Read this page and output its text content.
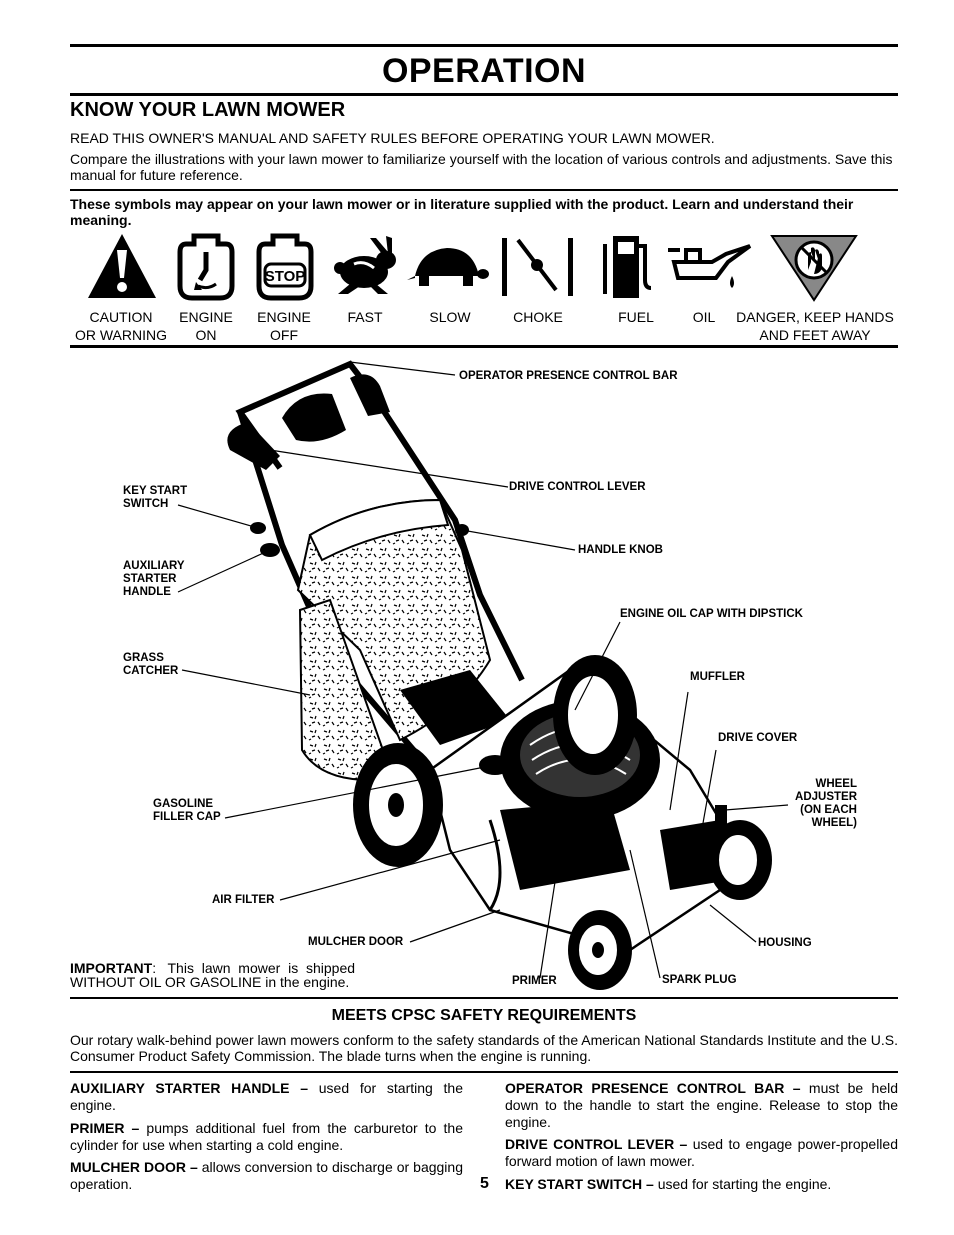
OPERATION
KNOW YOUR LAWN MOWER

READ THIS OWNER'S MANUAL AND SAFETY RULES BEFORE OPERATING YOUR LAWN MOWER.

Compare the illustrations with your lawn mower to familiarize yourself with the location of various controls and adjustments. Save this manual for future reference.

These symbols may appear on your lawn mower or in literature supplied with the product. Learn and understand their meaning.

STOP
CAUTION
OR WARNING
ENGINE
ON
ENGINE
OFF
FAST	SLOW	CHOKE	FUEL	OIL	DANGER, KEEP HANDS
AND FEET AWAY
OPERATOR PRESENCE CONTROL BAR
DRIVE CONTROL LEVER
KEY START
SWITCH
HANDLE KNOB
AUXILIARY
STARTER
HANDLE
ENGINE OIL CAP WITH DIPSTICK
GRASS
CATCHER	MUFFLER
DRIVE COVER
WHEEL
ADJUSTER
(ON EACH
WHEEL)
GASOLINE
FILLER CAP
AIR FILTER
MULCHER DOOR	HOUSING
PRIMER	SPARK PLUG
IMPORTANT:   This  lawn  mower  is  shipped
WITHOUT OIL OR GASOLINE in the engine.
MEETS CPSC SAFETY REQUIREMENTS

Our rotary walk-behind power lawn mowers conform to the safety standards of the American National Standards Institute and the U.S. Consumer Product Safety Commission. The blade turns when the engine is running.

AUXILIARY STARTER HANDLE – used for starting the engine.

PRIMER – pumps additional fuel from the carburetor to the cylinder for use when starting a cold engine.

MULCHER DOOR – allows conversion to discharge or bagging operation.

OPERATOR PRESENCE CONTROL BAR – must be held down to the handle to start the engine. Release to stop the engine.

DRIVE CONTROL LEVER – used to engage power-propelled forward motion of lawn mower.

KEY START SWITCH – used for starting the engine.

5
